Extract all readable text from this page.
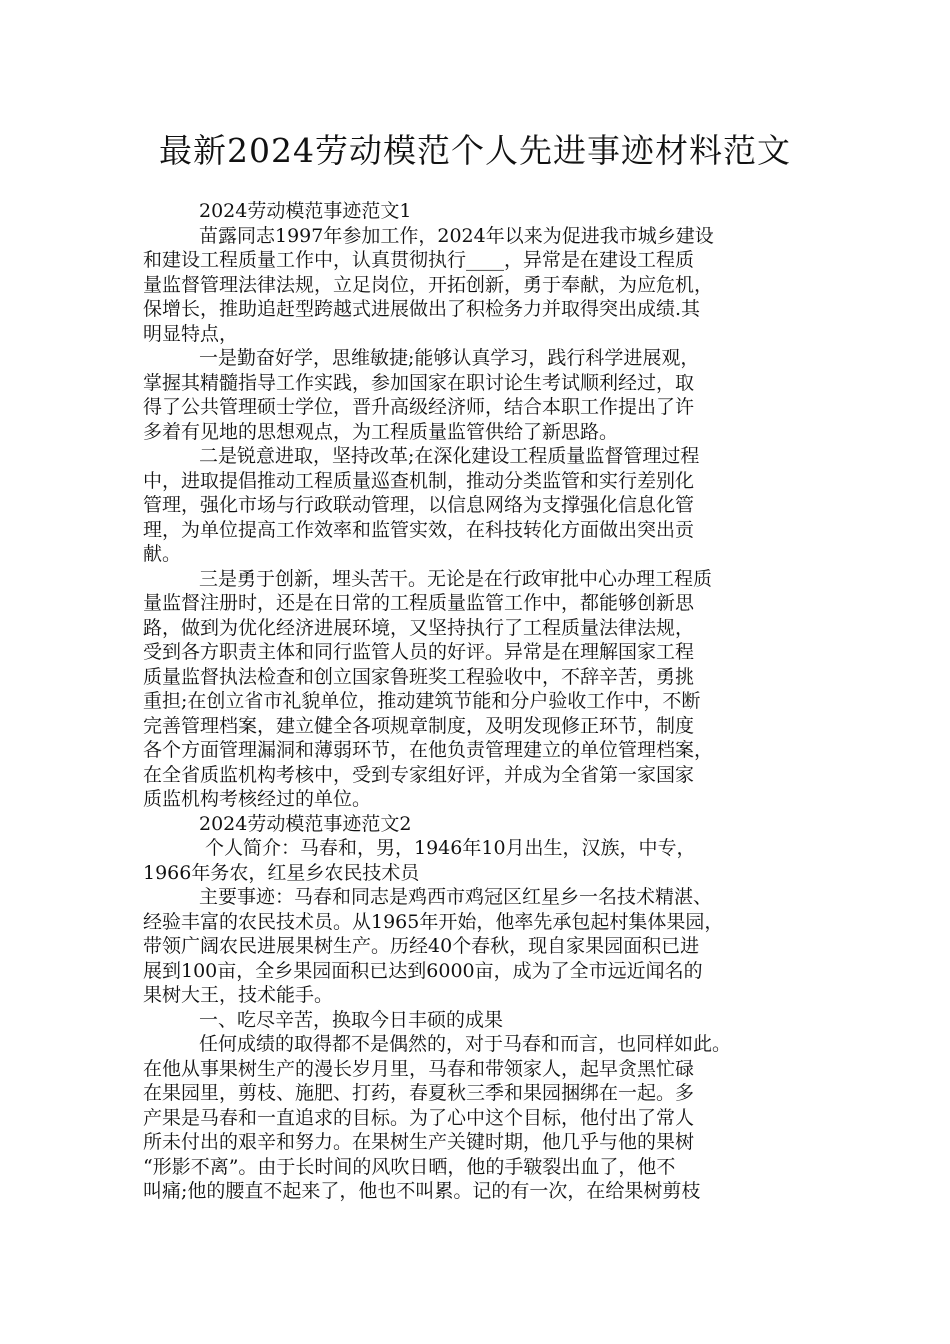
最新2024劳动模范个人先进事迹材料范文
2024劳动模范事迹范文1
苗露同志1997年参加工作，2024年以来为促进我市城乡建设
和建设工程质量工作中，认真贯彻执行____，异常是在建设工程质
量监督管理法律法规，立足岗位，开拓创新，勇于奉献，为应危机，
保增长，推助追赶型跨越式进展做出了积检务力并取得突出成绩.其
明显特点，
一是勤奋好学，思维敏捷;能够认真学习，践行科学进展观，
掌握其精髓指导工作实践，参加国家在职讨论生考试顺利经过，取
得了公共管理硕士学位，晋升高级经济师，结合本职工作提出了许
多着有见地的思想观点，为工程质量监管供给了新思路。
二是锐意进取，坚持改革;在深化建设工程质量监督管理过程
中，进取提倡推动工程质量巡查机制，推动分类监管和实行差别化
管理，强化市场与行政联动管理，以信息网络为支撑强化信息化管
理，为单位提高工作效率和监管实效，在科技转化方面做出突出贡
献。
三是勇于创新，埋头苦干。无论是在行政审批中心办理工程质
量监督注册时，还是在日常的工程质量监管工作中，都能够创新思
路，做到为优化经济进展环境，又坚持执行了工程质量法律法规，
受到各方职责主体和同行监管人员的好评。异常是在理解国家工程
质量监督执法检查和创立国家鲁班奖工程验收中，不辞辛苦，勇挑
重担;在创立省市礼貌单位，推动建筑节能和分户验收工作中，不断
完善管理档案，建立健全各项规章制度，及明发现修正环节，制度
各个方面管理漏洞和薄弱环节，在他负责管理建立的单位管理档案，
在全省质监机构考核中，受到专家组好评，并成为全省第一家国家
质监机构考核经过的单位。
2024劳动模范事迹范文2
个人简介：马春和，男，1946年10月出生，汉族，中专，
1966年务农，红星乡农民技术员
主要事迹：马春和同志是鸡西市鸡冠区红星乡一名技术精湛、
经验丰富的农民技术员。从1965年开始，他率先承包起村集体果园，
带领广阔农民进展果树生产。历经40个春秋，现自家果园面积已进
展到100亩，全乡果园面积已达到6000亩，成为了全市远近闻名的
果树大王，技术能手。
一、吃尽辛苦，换取今日丰硕的成果
任何成绩的取得都不是偶然的，对于马春和而言，也同样如此。
在他从事果树生产的漫长岁月里，马春和带领家人，起早贪黑忙碌
在果园里，剪枝、施肥、打药，春夏秋三季和果园捆绑在一起。多
产果是马春和一直追求的目标。为了心中这个目标，他付出了常人
所未付出的艰辛和努力。在果树生产关键时期，他几乎与他的果树
“形影不离”。由于长时间的风吹日晒，他的手皲裂出血了，他不
叫痛;他的腰直不起来了，他也不叫累。记的有一次，在给果树剪枝
